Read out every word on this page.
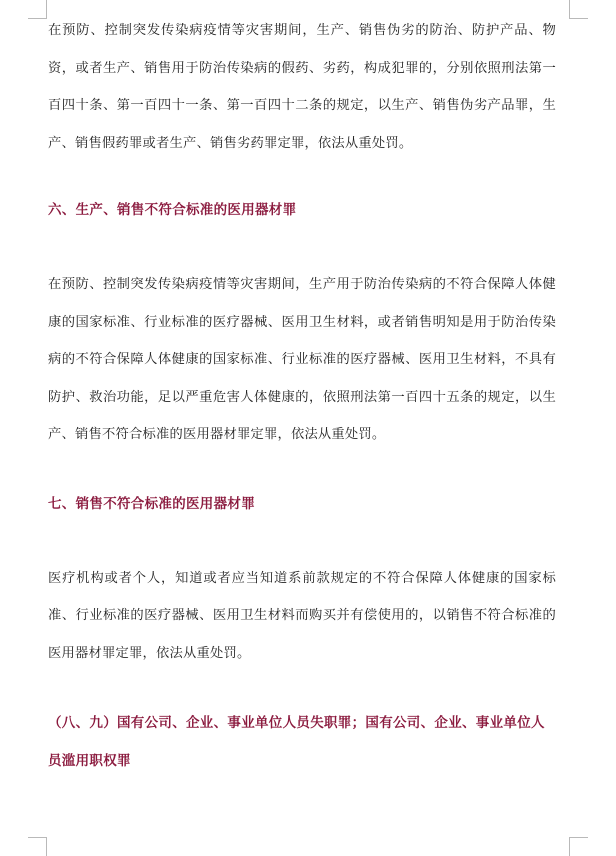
在预防、控制突发传染病疫情等灾害期间，生产、销售伪劣的防治、防护产品、物资，或者生产、销售用于防治传染病的假药、劣药，构成犯罪的，分别依照刑法第一百四十条、第一百四十一条、第一百四十二条的规定，以生产、销售伪劣产品罪，生产、销售假药罪或者生产、销售劣药罪定罪，依法从重处罚。

六、生产、销售不符合标准的医用器材罪

在预防、控制突发传染病疫情等灾害期间，生产用于防治传染病的不符合保障人体健康的国家标准、行业标准的医疗器械、医用卫生材料，或者销售明知是用于防治传染病的不符合保障人体健康的国家标准、行业标准的医疗器械、医用卫生材料，不具有防护、救治功能，足以严重危害人体健康的，依照刑法第一百四十五条的规定，以生产、销售不符合标准的医用器材罪定罪，依法从重处罚。

七、销售不符合标准的医用器材罪

医疗机构或者个人，知道或者应当知道系前款规定的不符合保障人体健康的国家标准、行业标准的医疗器械、医用卫生材料而购买并有偿使用的，以销售不符合标准的医用器材罪定罪，依法从重处罚。

（八、九）国有公司、企业、事业单位人员失职罪；国有公司、企业、事业单位人员滥用职权罪
